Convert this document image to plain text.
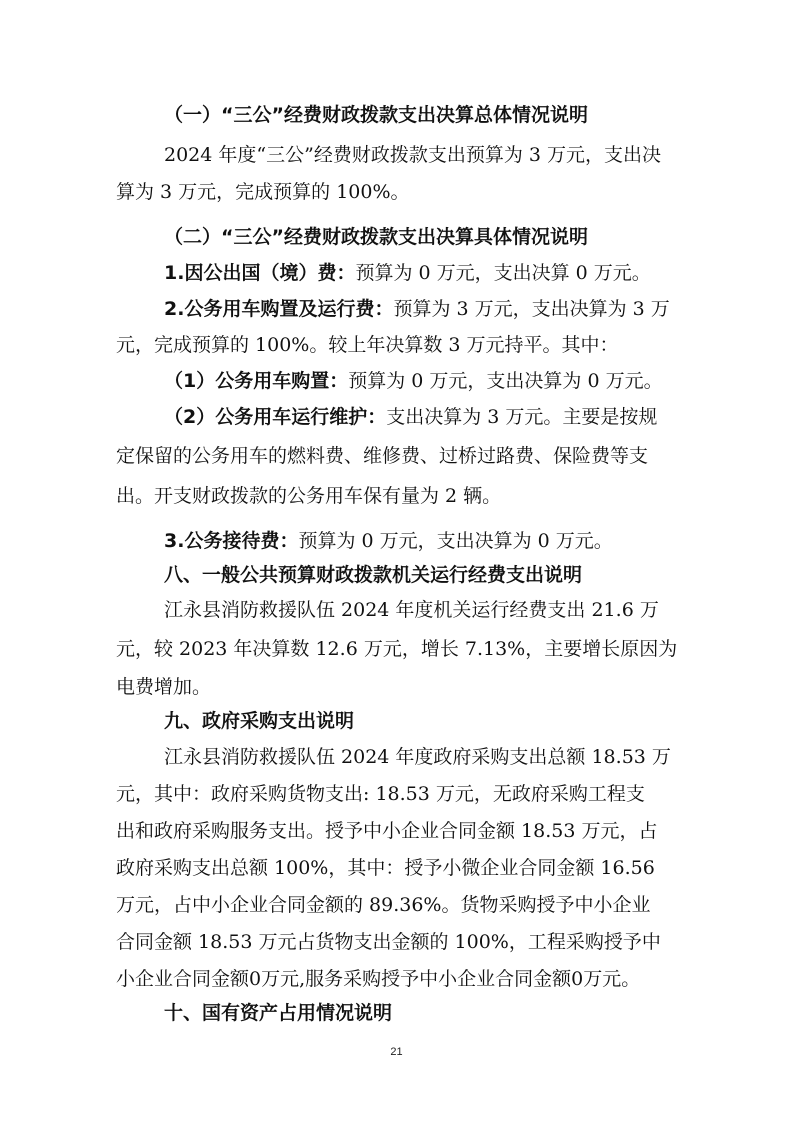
（一）“三公”经费财政拨款支出决算总体情况说明
2024 年度“三公”经费财政拨款支出预算为 3 万元，支出决
算为 3 万元，完成预算的 100%。
（二）“三公”经费财政拨款支出决算具体情况说明
1.因公出国（境）费：预算为 0 万元，支出决算 0 万元。
2.公务用车购置及运行费：预算为 3 万元，支出决算为 3 万
元，完成预算的 100%。较上年决算数 3 万元持平。其中：
（1）公务用车购置：预算为 0 万元，支出决算为 0 万元。
（2）公务用车运行维护：支出决算为 3 万元。主要是按规
定保留的公务用车的燃料费、维修费、过桥过路费、保险费等支
出。开支财政拨款的公务用车保有量为 2 辆。
3.公务接待费：预算为 0 万元，支出决算为 0 万元。
八、一般公共预算财政拨款机关运行经费支出说明
江永县消防救援队伍 2024 年度机关运行经费支出 21.6 万
元，较 2023 年决算数 12.6 万元，增长 7.13%，主要增长原因为
电费增加。
九、政府采购支出说明
江永县消防救援队伍 2024 年度政府采购支出总额 18.53 万
元，其中：政府采购货物支出: 18.53 万元，无政府采购工程支
出和政府采购服务支出。授予中小企业合同金额 18.53 万元，占
政府采购支出总额 100%，其中：授予小微企业合同金额 16.56
万元，占中小企业合同金额的 89.36%。货物采购授予中小企业
合同金额 18.53 万元占货物支出金额的 100%，工程采购授予中
小企业合同金额0万元,服务采购授予中小企业合同金额0万元。
十、国有资产占用情况说明
21
